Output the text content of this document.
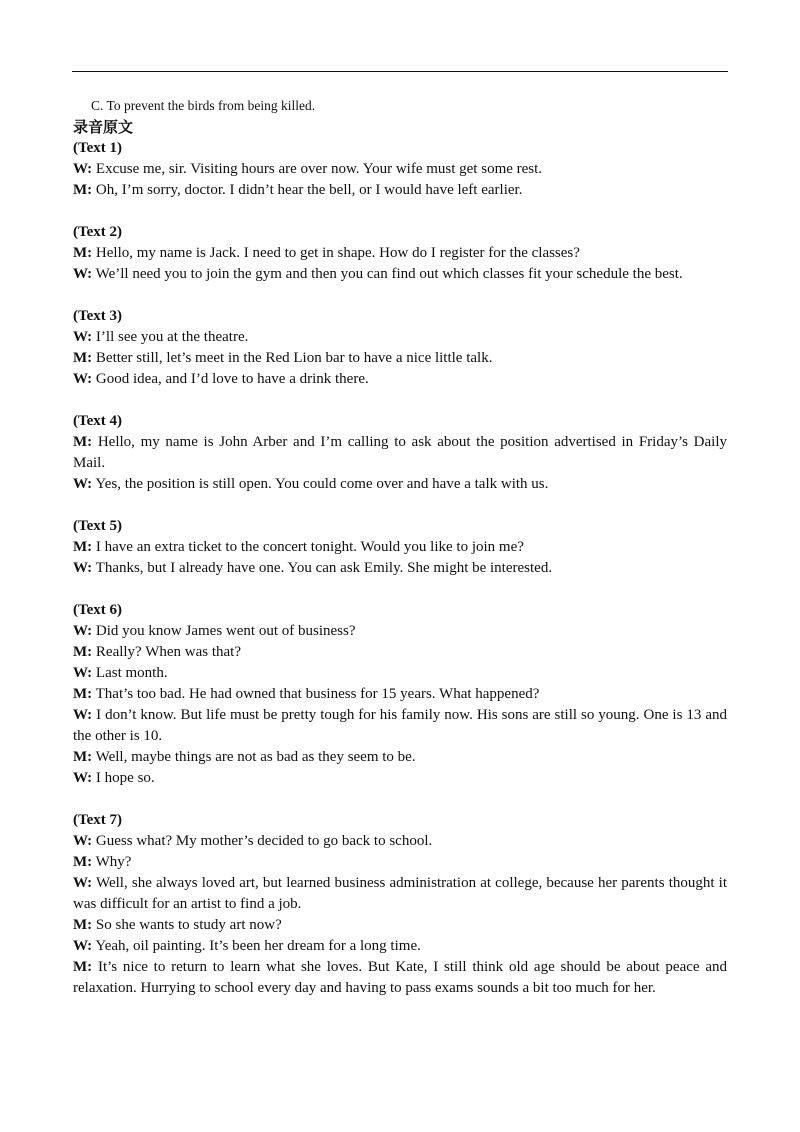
C. To prevent the birds from being killed.

录音原文

(Text 1)

W: Excuse me, sir. Visiting hours are over now. Your wife must get some rest.

M: Oh, I’m sorry, doctor. I didn’t hear the bell, or I would have left earlier.

(Text 2)

M: Hello, my name is Jack. I need to get in shape. How do I register for the classes?

W: We’ll need you to join the gym and then you can find out which classes fit your schedule the best.

(Text 3)

W: I’ll see you at the theatre.

M: Better still, let’s meet in the Red Lion bar to have a nice little talk.

W: Good idea, and I’d love to have a drink there.

(Text 4)

M: Hello, my name is John Arber and I’m calling to ask about the position advertised in Friday’s Daily Mail.

W: Yes, the position is still open. You could come over and have a talk with us.

(Text 5)

M: I have an extra ticket to the concert tonight. Would you like to join me?

W: Thanks, but I already have one. You can ask Emily. She might be interested.

(Text 6)

W: Did you know James went out of business?

M: Really? When was that?

W: Last month.

M: That’s too bad. He had owned that business for 15 years. What happened?

W: I don’t know. But life must be pretty tough for his family now. His sons are still so young. One is 13 and the other is 10.

M: Well, maybe things are not as bad as they seem to be.

W: I hope so.

(Text 7)

W: Guess what? My mother’s decided to go back to school.

M: Why?

W: Well, she always loved art, but learned business administration at college, because her parents thought it was difficult for an artist to find a job.

M: So she wants to study art now?

W: Yeah, oil painting. It’s been her dream for a long time.

M: It’s nice to return to learn what she loves. But Kate, I still think old age should be about peace and relaxation. Hurrying to school every day and having to pass exams sounds a bit too much for her.
